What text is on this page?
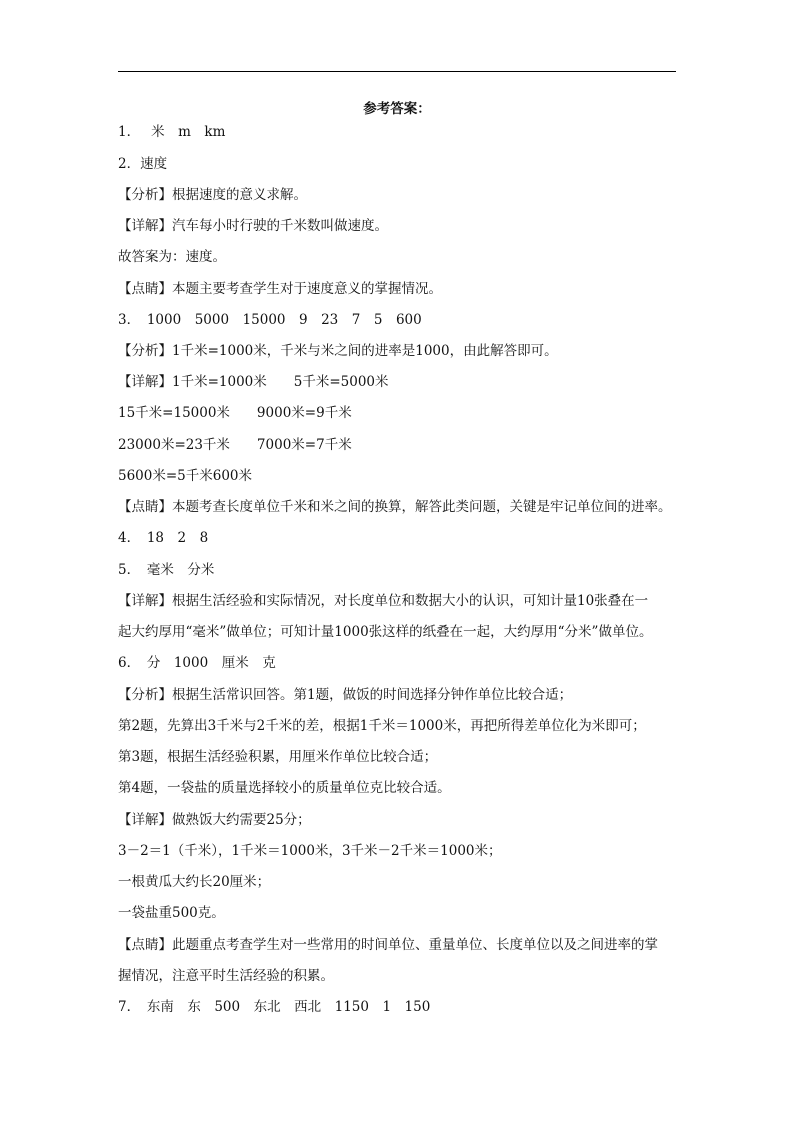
参考答案：
1．　 米　m　km
2．速度
【分析】根据速度的意义求解。
【详解】汽车每小时行驶的千米数叫做速度。
故答案为：速度。
【点睛】本题主要考查学生对于速度意义的掌握情况。
3．　1000　5000　15000　9　23　7　5　600
【分析】1千米=1000米，千米与米之间的进率是1000，由此解答即可。
【详解】1千米=1000米　　5千米=5000米
15千米=15000米　　9000米=9千米
23000米=23千米　　7000米=7千米
5600米=5千米600米
【点睛】本题考查长度单位千米和米之间的换算，解答此类问题，关键是牢记单位间的进率。
4．　18　2　8
5．　毫米　分米
【详解】根据生活经验和实际情况，对长度单位和数据大小的认识，可知计量10张叠在一
起大约厚用“毫米”做单位；可知计量1000张这样的纸叠在一起，大约厚用“分米”做单位。
6．　分　1000　厘米　克
【分析】根据生活常识回答。第1题，做饭的时间选择分钟作单位比较合适；
第2题，先算出3千米与2千米的差，根据1千米＝1000米，再把所得差单位化为米即可；
第3题，根据生活经验积累，用厘米作单位比较合适；
第4题，一袋盐的质量选择较小的质量单位克比较合适。
【详解】做熟饭大约需要25分；
3－2＝1（千米），1千米＝1000米，3千米－2千米＝1000米；
一根黄瓜大约长20厘米；
一袋盐重500克。
【点睛】此题重点考查学生对一些常用的时间单位、重量单位、长度单位以及之间进率的掌
握情况，注意平时生活经验的积累。
7．　东南　东　500　东北　西北　1150　1　150
